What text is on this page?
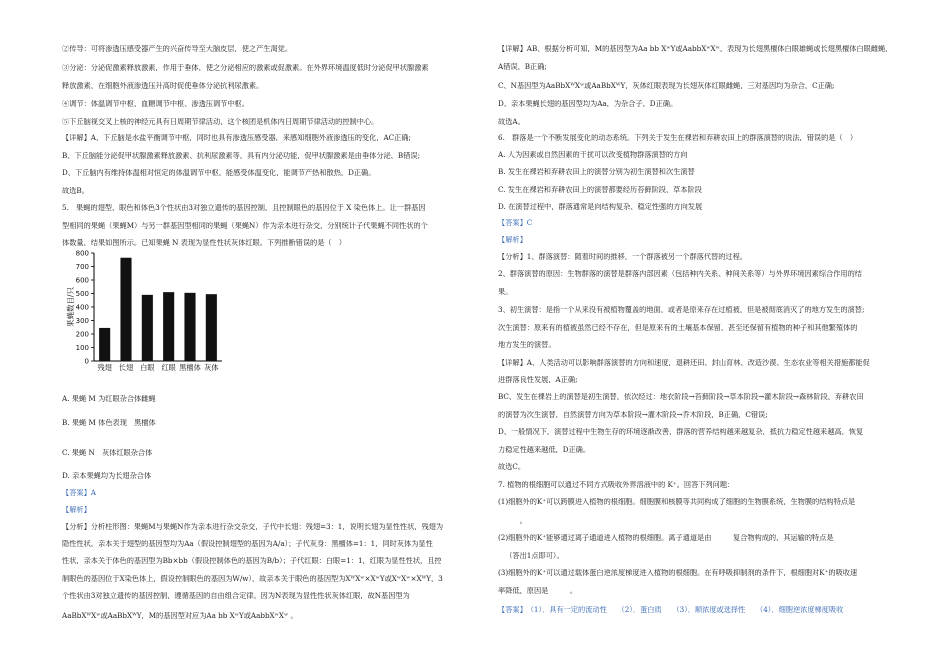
②传导：可将渗透压感受器产生的兴奋传导至大脑皮层，使之产生渴觉。
③分泌：分泌促激素释放激素，作用于垂体，使之分泌相应的激素或促激素。在外界环境温度低时分泌促甲状腺激素
释放激素，在细胞外液渗透压升高时促使垂体分泌抗利尿激素。
④调节：体温调节中枢、血糖调节中枢、渗透压调节中枢。
⑤下丘脑视交叉上核的神经元具有日周期节律活动，这个核团是机体内日周期节律活动的控制中心。
【详解】A、下丘脑是水盐平衡调节中枢，同时也具有渗透压感受器，来感知细胞外液渗透压的变化，AC正确;
B、下丘脑能分泌促甲状腺激素释放激素、抗利尿激素等，具有内分泌功能，促甲状腺激素是由垂体分泌，B错误;
D、下丘脑内有维持体温相对恒定的体温调节中枢，能感受体温变化，能调节产热和散热，D正确。
故选B。
5.　果蝇的翅型、眼色和体色3个性状由3对独立遗传的基因控制，且控制眼色的基因位于 X 染色体上。让一群基因
型相同的果蝇（果蝇M）与另一群基因型相同的果蝇（果蝇N）作为亲本进行杂交，分别统计子代果蝇不同性状的个
体数量，结果如图所示。已知果蝇 N 表现为显性性状灰体红眼。下列推断错误的是（　）
A. 果蝇 M 为红眼杂合体雌蝇
B. 果蝇 M 体色表现　黑檀体
C. 果蝇 N　灰体红眼杂合体
D. 亲本果蝇均为长翅杂合体
【答案】A
【解析】
【分析】分析柱形图：果蝇M与果蝇N作为亲本进行杂交杂交，子代中长翅：残翅=3：1，说明长翅为显性性状，残翅为
隐性性状，亲本关于翅型的基因型均为Aa（假设控制翅型的基因为A/a）；子代灰身：黑檀体=1：1，同时灰体为显性
性状，亲本关于体色的基因型为Bb×bb（假设控制体色的基因为B/b）；子代红眼：白眼=1：1，红眼为显性性状，且控
制眼色的基因位于X染色体上，假设控制眼色的基因为W/w），故亲本关于眼色的基因型为XᵂXʷ×XʷY或XʷXʷ×XᵂY，3
个性状由3对独立遗传的基因控制，遵循基因的自由组合定律。因为N表现为显性性状灰体红眼，故N基因型为
AaBbXᵂXʷ或AaBbXᵂY，M的基因型对应为Aa bb XʷY或AabbXʷXʷ 。
【详解】AB、根据分析可知，M的基因型为Aa bb XʷY或AabbXʷXʷ，表现为长翅黑檀体白眼雄蝇或长翅黑檀体白眼雌蝇，
A错误，B正确;
C、N基因型为AaBbXᵂXʷ或AaBbXᵂY，灰体红眼表现为长翅灰体红眼雌蝇，三对基因均为杂合，C正确;
D、亲本果蝇长翅的基因型均为Aa，为杂合子，D正确。
故选A。
6.　群落是一个不断发展变化的动态系统。下列关于发生在裸岩和弃耕农田上的群落演替的说法，错误的是（　）
A. 人为因素或自然因素的干扰可以改变植物群落演替的方向
B. 发生在裸岩和弃耕农田上的演替分别为初生演替和次生演替
C. 发生在裸岩和弃耕农田上的演替都要经历苔藓阶段、草本阶段
D. 在演替过程中，群落通常是向结构复杂、稳定性强的方向发展
【答案】C
【解析】
【分析】1、群落演替：随着时间的推移，一个群落被另一个群落代替的过程。
2、群落演替的原因：生物群落的演替是群落内部因素（包括种内关系、种间关系等）与外界环境因素综合作用的结
果。
3、初生演替：是指一个从来没有被植物覆盖的地面，或者是原来存在过植被，但是被彻底消灭了的地方发生的演替;
次生演替：原来有的植被虽然已经不存在，但是原来有的土壤基本保留，甚至还保留有植物的种子和其他繁殖体的
地方发生的演替。
【详解】A、人类活动可以影响群落演替的方向和速度，退耕还田、封山育林、改造沙漠、生态农业等相关措施都能促
进群落良性发展，A正确;
BC、发生在裸岩上的演替是初生演替，依次经过：地衣阶段→苔藓阶段→草本阶段→灌木阶段→森林阶段，弃耕农田
的演替为次生演替，自然演替方向为草本阶段→灌木阶段→乔木阶段，B正确，C错误;
D、一般情况下，演替过程中生物生存的环境逐渐改善，群落的营养结构越来越复杂，抵抗力稳定性越来越高，恢复
力稳定性越来越低，D正确。
故选C。
7. 植物的根细胞可以通过不同方式吸收外界溶液中的 K⁺。回答下列问题：
(1)细胞外的K⁺可以跨膜进入植物的根细胞。细胞膜和核膜等共同构成了细胞的生物膜系统，生物膜的结构特点是
______。
(2)细胞外的K⁺能够通过离子通道进入植物的根细胞。离子通道是由______复合物构成的，其运输的特点是______
__（答出1点即可）。
(3)细胞外的K⁺可以通过载体蛋白逆浓度梯度进入植物的根细胞。在有呼吸抑制剂的条件下，根细胞对K⁺的吸收速
率降低，原因是______。
【答案】　（1）．具有一定的流动性　　（2）．蛋白质　　（3）．顺浓度或选择性　　（4）．细胞逆浓度梯度吸收
0
100
200
300
400
500
600
700
800
果蝇数目/只
残翅 长翅 白眼 红眼 黑檀体 灰体
